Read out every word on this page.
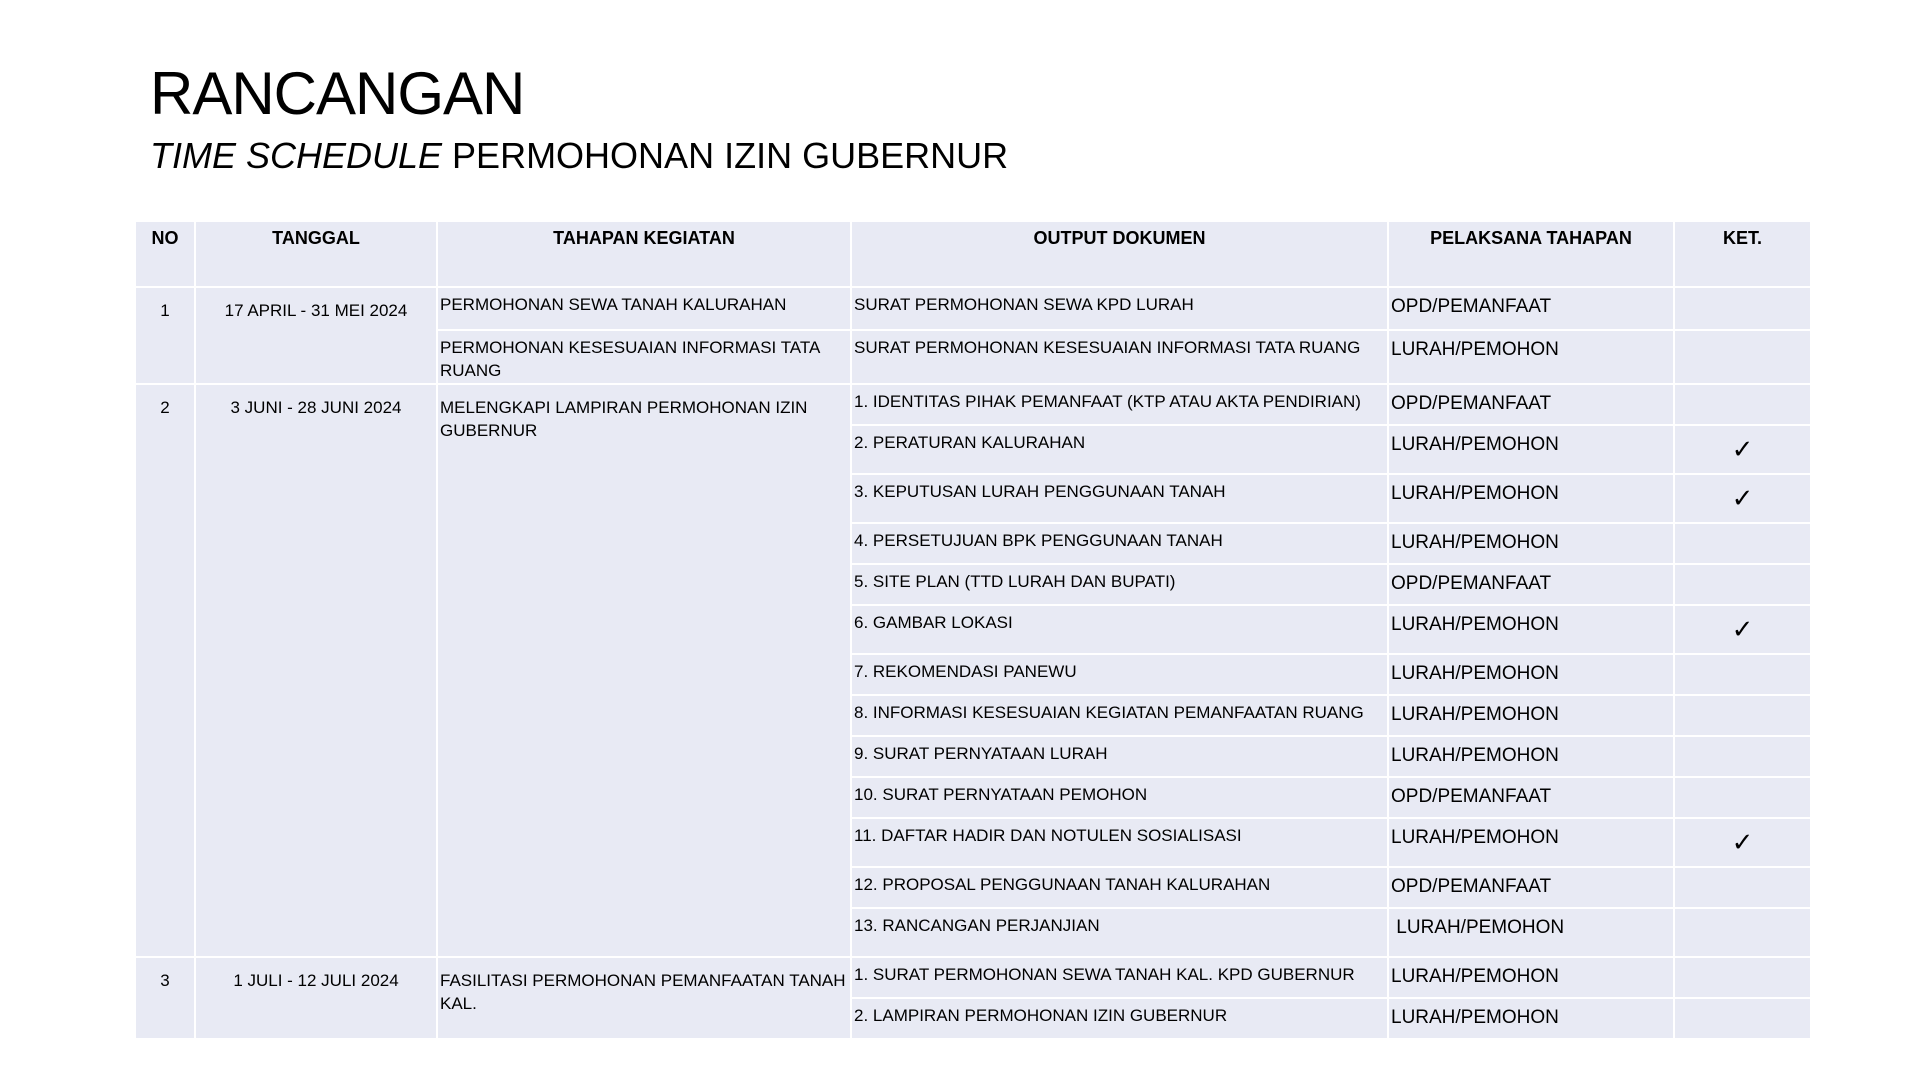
RANCANGAN
TIME SCHEDULE PERMOHONAN IZIN GUBERNUR
NO	TANGGAL	TAHAPAN KEGIATAN	OUTPUT DOKUMEN	PELAKSANA TAHAPAN	KET.
1	17 APRIL - 31 MEI 2024	PERMOHONAN SEWA TANAH KALURAHAN	SURAT PERMOHONAN SEWA KPD LURAH	OPD/PEMANFAAT	
		PERMOHONAN KESESUAIAN INFORMASI TATA RUANG	SURAT PERMOHONAN KESESUAIAN INFORMASI TATA RUANG	LURAH/PEMOHON	
2	3 JUNI - 28 JUNI 2024	MELENGKAPI LAMPIRAN PERMOHONAN IZIN GUBERNUR	1. IDENTITAS PIHAK PEMANFAAT (KTP ATAU AKTA PENDIRIAN)	OPD/PEMANFAAT	
			2. PERATURAN KALURAHAN	LURAH/PEMOHON	✓
			3. KEPUTUSAN LURAH PENGGUNAAN TANAH	LURAH/PEMOHON	✓
			4. PERSETUJUAN BPK PENGGUNAAN TANAH	LURAH/PEMOHON	
			5. SITE PLAN (TTD LURAH DAN BUPATI)	OPD/PEMANFAAT	
			6. GAMBAR LOKASI	LURAH/PEMOHON	✓
			7. REKOMENDASI PANEWU	LURAH/PEMOHON	
			8. INFORMASI KESESUAIAN KEGIATAN PEMANFAATAN RUANG	LURAH/PEMOHON	
			9. SURAT PERNYATAAN LURAH	LURAH/PEMOHON	
			10. SURAT PERNYATAAN PEMOHON	OPD/PEMANFAAT	
			11. DAFTAR HADIR DAN NOTULEN SOSIALISASI	LURAH/PEMOHON	✓
			12. PROPOSAL PENGGUNAAN TANAH KALURAHAN	OPD/PEMANFAAT	
			13. RANCANGAN PERJANJIAN	LURAH/PEMOHON	
3	1 JULI - 12 JULI 2024	FASILITASI PERMOHONAN PEMANFAATAN TANAH KAL.	1. SURAT PERMOHONAN SEWA TANAH KAL. KPD GUBERNUR	LURAH/PEMOHON	
			2. LAMPIRAN PERMOHONAN IZIN GUBERNUR	LURAH/PEMOHON	
